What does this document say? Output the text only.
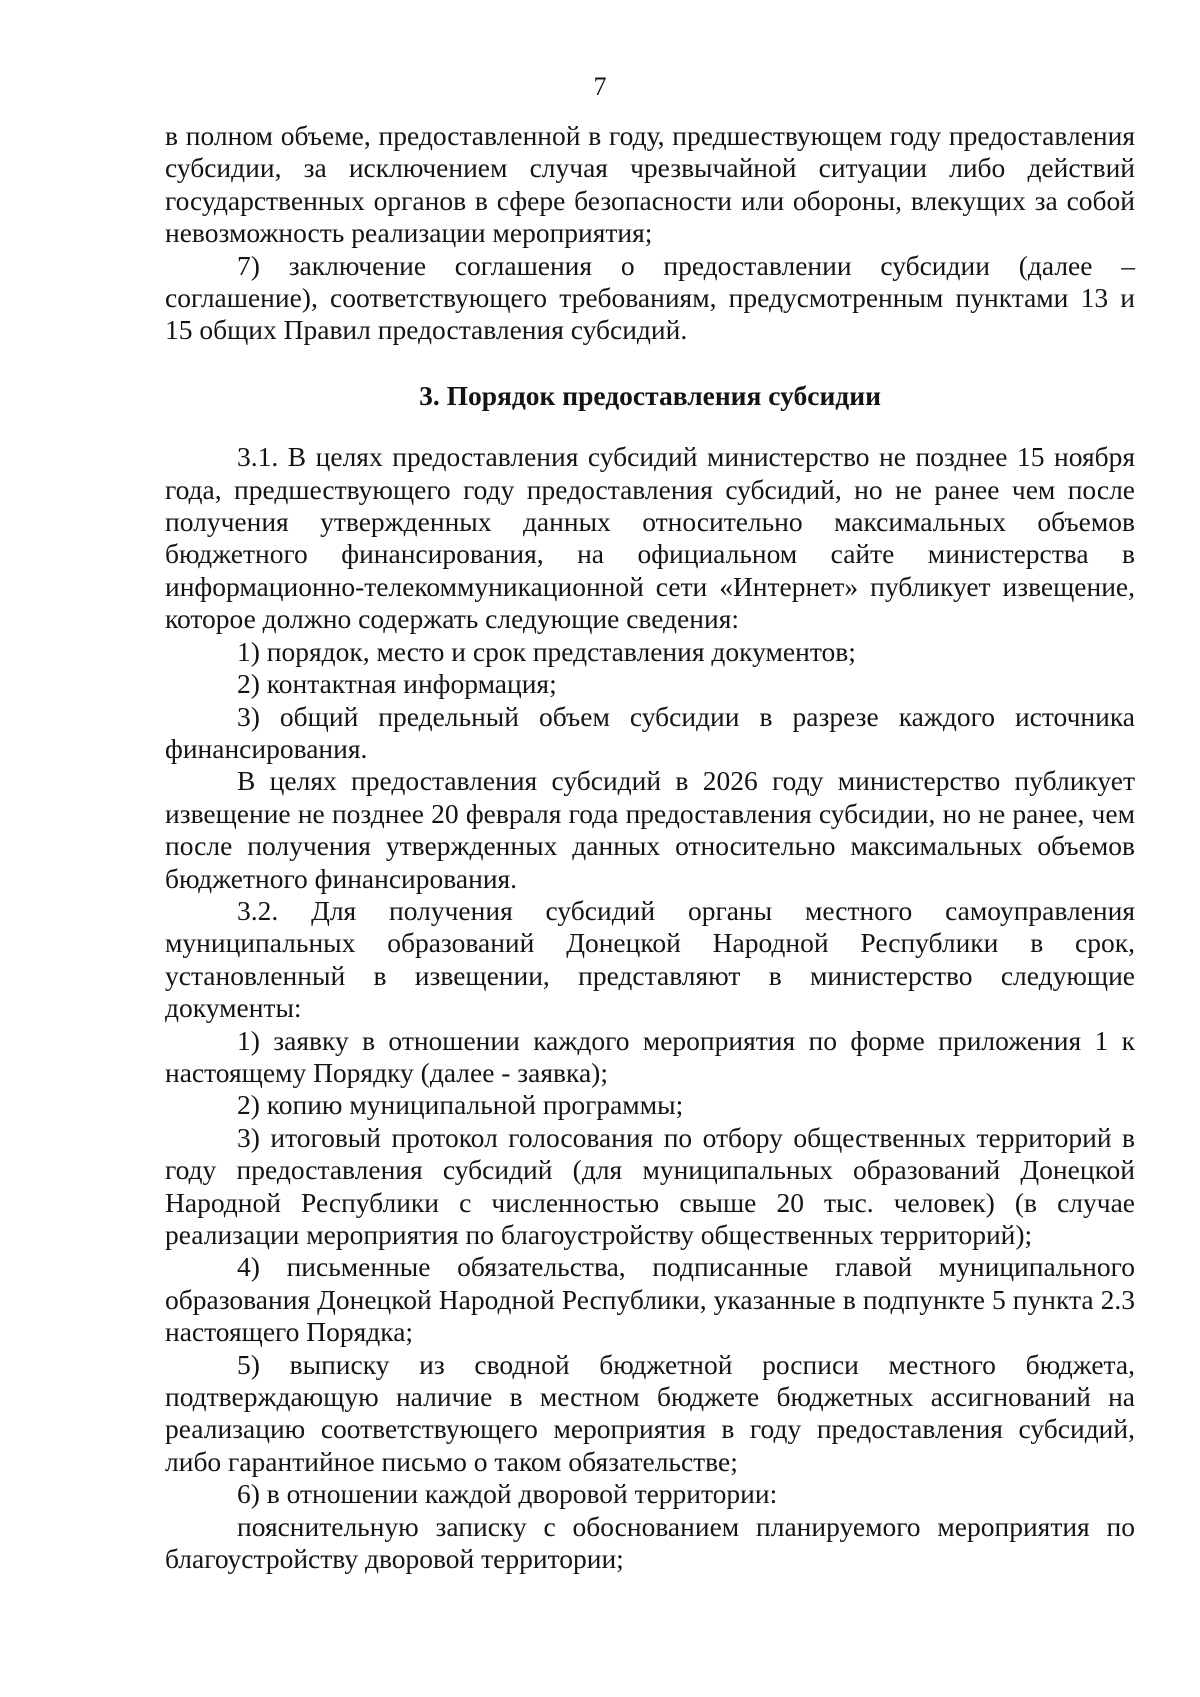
7

в полном объеме, предоставленной в году, предшествующем году предоставления субсидии, за исключением случая чрезвычайной ситуации либо действий государственных органов в сфере безопасности или обороны, влекущих за собой невозможность реализации мероприятия;

7) заключение соглашения о предоставлении субсидии (далее – соглашение), соответствующего требованиям, предусмотренным пунктами 13 и 15 общих Правил предоставления субсидий.

3. Порядок предоставления субсидии

3.1. В целях предоставления субсидий министерство не позднее 15 ноября года, предшествующего году предоставления субсидий, но не ранее чем после получения утвержденных данных относительно максимальных объемов бюджетного финансирования, на официальном сайте министерства в информационно-телекоммуникационной сети «Интернет» публикует извещение, которое должно содержать следующие сведения:

1) порядок, место и срок представления документов;

2) контактная информация;

3) общий предельный объем субсидии в разрезе каждого источника финансирования.

В целях предоставления субсидий в 2026 году министерство публикует извещение не позднее 20 февраля года предоставления субсидии, но не ранее, чем после получения утвержденных данных относительно максимальных объемов бюджетного финансирования.

3.2. Для получения субсидий органы местного самоуправления муниципальных образований Донецкой Народной Республики в срок, установленный в извещении, представляют в министерство следующие документы:

1) заявку в отношении каждого мероприятия по форме приложения 1 к настоящему Порядку (далее - заявка);

2) копию муниципальной программы;

3) итоговый протокол голосования по отбору общественных территорий в году предоставления субсидий (для муниципальных образований Донецкой Народной Республики с численностью свыше 20 тыс. человек) (в случае реализации мероприятия по благоустройству общественных территорий);

4) письменные обязательства, подписанные главой муниципального образования Донецкой Народной Республики, указанные в подпункте 5 пункта 2.3 настоящего Порядка;

5) выписку из сводной бюджетной росписи местного бюджета, подтверждающую наличие в местном бюджете бюджетных ассигнований на реализацию соответствующего мероприятия в году предоставления субсидий, либо гарантийное письмо о таком обязательстве;

6) в отношении каждой дворовой территории:

пояснительную записку с обоснованием планируемого мероприятия по благоустройству дворовой территории;
